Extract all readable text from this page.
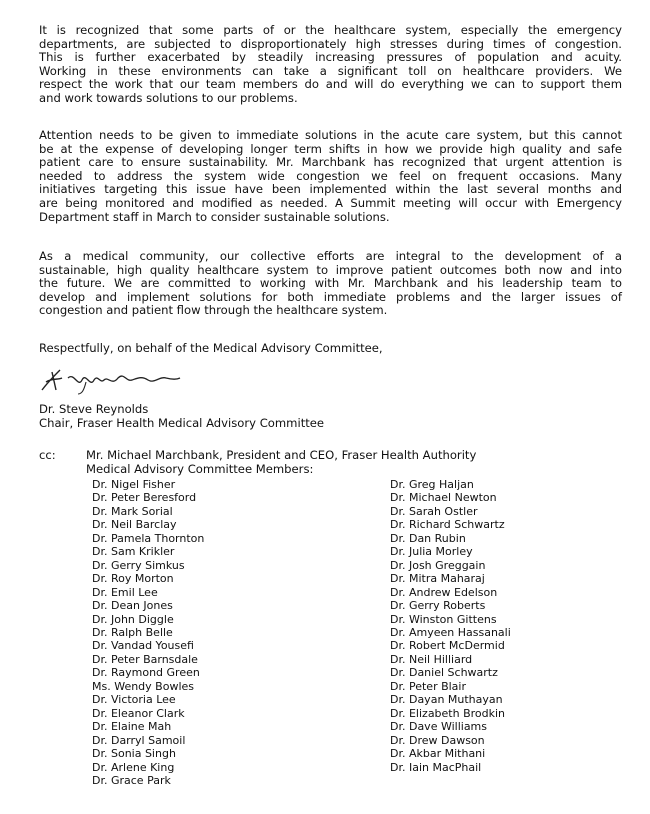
It is recognized that some parts of or the healthcare system, especially the emergency
departments, are subjected to disproportionately high stresses during times of congestion.
This is further exacerbated by steadily increasing pressures of population and acuity.
Working in these environments can take a significant toll on healthcare providers. We
respect the work that our team members do and will do everything we can to support them
and work towards solutions to our problems.
Attention needs to be given to immediate solutions in the acute care system, but this cannot
be at the expense of developing longer term shifts in how we provide high quality and safe
patient care to ensure sustainability. Mr. Marchbank has recognized that urgent attention is
needed to address the system wide congestion we feel on frequent occasions. Many
initiatives targeting this issue have been implemented within the last several months and
are being monitored and modified as needed. A Summit meeting will occur with Emergency
Department staff in March to consider sustainable solutions.
As a medical community, our collective efforts are integral to the development of a
sustainable, high quality healthcare system to improve patient outcomes both now and into
the future. We are committed to working with Mr. Marchbank and his leadership team to
develop and implement solutions for both immediate problems and the larger issues of
congestion and patient flow through the healthcare system.

Respectfully, on behalf of the Medical Advisory Committee,

Dr. Steve Reynolds

Chair, Fraser Health Medical Advisory Committee

cc:	Mr. Michael Marchbank, President and CEO, Fraser Health Authority

Medical Advisory Committee Members:

Dr. Nigel Fisher
Dr. Peter Beresford
Dr. Mark Sorial
Dr. Neil Barclay
Dr. Pamela Thornton
Dr. Sam Krikler
Dr. Gerry Simkus
Dr. Roy Morton
Dr. Emil Lee
Dr. Dean Jones
Dr. John Diggle
Dr. Ralph Belle
Dr. Vandad Yousefi
Dr. Peter Barnsdale
Dr. Raymond Green
Ms. Wendy Bowles
Dr. Victoria Lee
Dr. Eleanor Clark
Dr. Elaine Mah
Dr. Darryl Samoil
Dr. Sonia Singh
Dr. Arlene King
Dr. Grace Park
Dr. Greg Haljan
Dr. Michael Newton
Dr. Sarah Ostler
Dr. Richard Schwartz
Dr. Dan Rubin
Dr. Julia Morley
Dr. Josh Greggain
Dr. Mitra Maharaj
Dr. Andrew Edelson
Dr. Gerry Roberts
Dr. Winston Gittens
Dr. Amyeen Hassanali
Dr. Robert McDermid
Dr. Neil Hilliard
Dr. Daniel Schwartz
Dr. Peter Blair
Dr. Dayan Muthayan
Dr. Elizabeth Brodkin
Dr. Dave Williams
Dr. Drew Dawson
Dr. Akbar Mithani
Dr. Iain MacPhail
